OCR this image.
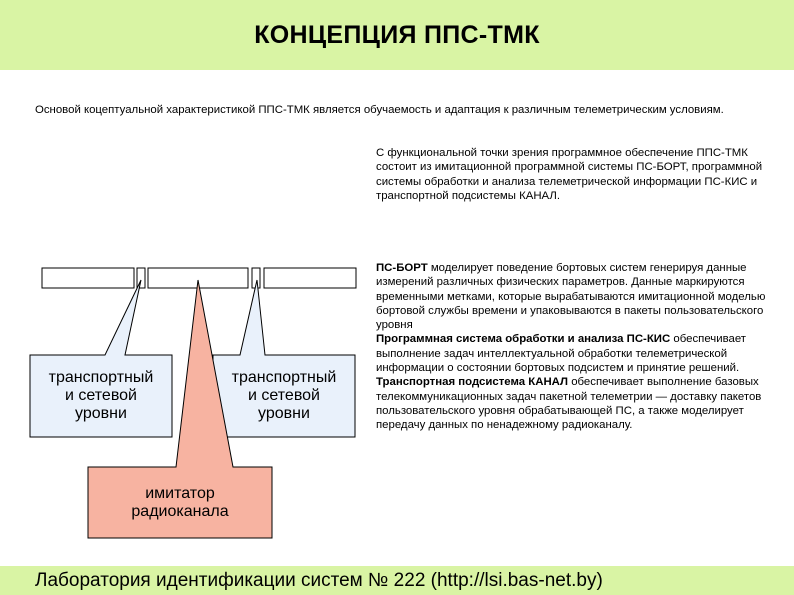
КОНЦЕПЦИЯ ППС-ТМК
Основой коцептуальной характеристикой ППС-ТМК является обучаемость и адаптация к различным телеметрическим условиям.
С функциональной точки зрения программное обеспечение ППС-ТМК состоит из имитационной программной системы ПС-БОРТ, программной системы обработки и анализа телеметрической информации ПС-КИС и транспортной подсистемы КАНАЛ.
ПС-БОРТ моделирует поведение бортовых систем генерируя данные измерений различных физических параметров. Данные маркируются временными метками, которые вырабатываются имитационной моделью бортовой службы времени и упаковываются в пакеты пользовательского уровня
Программная система обработки и анализа ПС-КИС обеспечивает выполнение задач интеллектуальной обработки телеметрической информации о состоянии бортовых подсистем и принятие решений.
Транспортная подсистема КАНАЛ обеспечивает выполнение базовых телекоммуникационных задач пакетной телеметрии — доставку пакетов пользовательского уровня обрабатывающей ПС, а также моделирует передачу данных по ненадежному радиоканалу.
транспортный
и сетевой
уровни
транспортный
и сетевой
уровни
имитатор
радиоканала
Лаборатория идентификации систем № 222 (http://lsi.bas-net.by)
